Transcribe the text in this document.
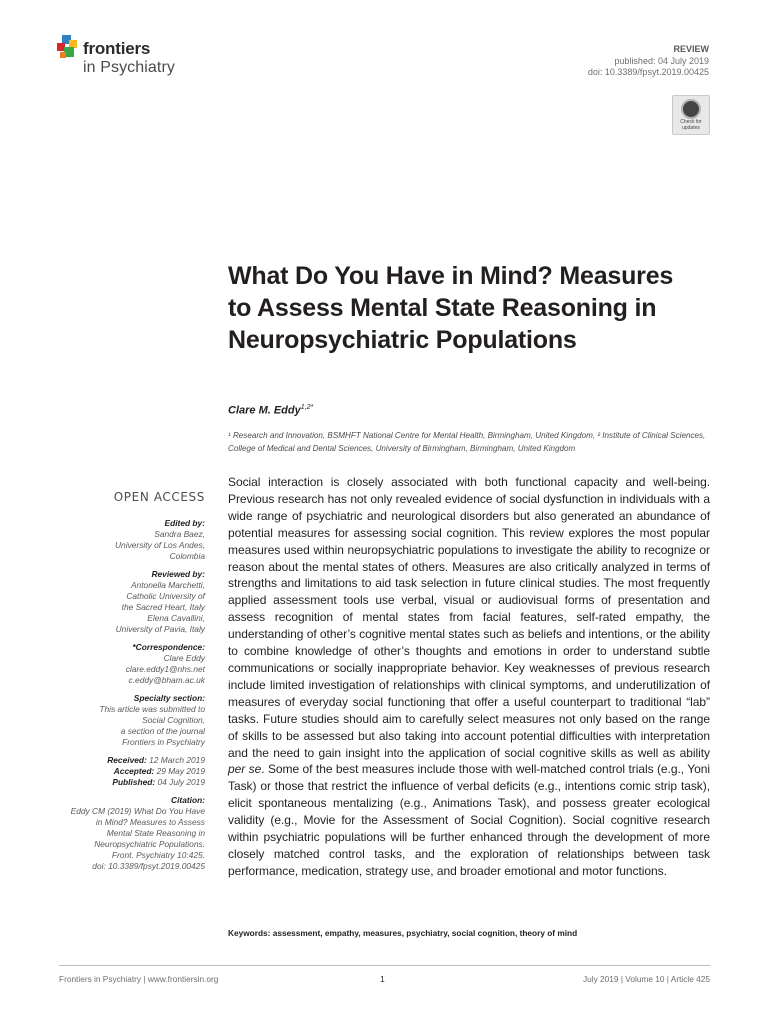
frontiers
in Psychiatry
REVIEW
published: 04 July 2019
doi: 10.3389/fpsyt.2019.00425
Check for
updates
What Do You Have in Mind? Measures to Assess Mental State Reasoning in Neuropsychiatric Populations
Clare M. Eddy$^{1,2*}$
¹ Research and Innovation, BSMHFT National Centre for Mental Health, Birmingham, United Kingdom, ² Institute of Clinical Sciences, College of Medical and Dental Sciences, University of Birmingham, Birmingham, United Kingdom
OPEN ACCESS
Edited by:
Sandra Baez,
University of Los Andes,
Colombia
Reviewed by:
Antonella Marchetti,
Catholic University of
the Sacred Heart, Italy
Elena Cavallini,
University of Pavia, Italy
*Correspondence:
Clare Eddy
clare.eddy1@nhs.net
c.eddy@bham.ac.uk
Specialty section:
This article was submitted to
Social Cognition,
a section of the journal
Frontiers in Psychiatry
Received: 12 March 2019
Accepted: 29 May 2019
Published: 04 July 2019
Citation:
Eddy CM (2019) What Do You Have
in Mind? Measures to Assess
Mental State Reasoning in
Neuropsychiatric Populations.
Front. Psychiatry 10:425.
doi: 10.3389/fpsyt.2019.00425

Social interaction is closely associated with both functional capacity and well-being. Previous research has not only revealed evidence of social dysfunction in individuals with a wide range of psychiatric and neurological disorders but also generated an abundance of potential measures for assessing social cognition. This review explores the most popular measures used within neuropsychiatric populations to investigate the ability to recognize or reason about the mental states of others. Measures are also critically analyzed in terms of strengths and limitations to aid task selection in future clinical studies. The most frequently applied assessment tools use verbal, visual or audiovisual forms of presentation and assess recognition of mental states from facial features, self-rated empathy, the understanding of other’s cognitive mental states such as beliefs and intentions, or the ability to combine knowledge of other’s thoughts and emotions in order to understand subtle communications or socially inappropriate behavior. Key weaknesses of previous research include limited investigation of relationships with clinical symptoms, and underutilization of measures of everyday social functioning that offer a useful counterpart to traditional “lab” tasks. Future studies should aim to carefully select measures not only based on the range of skills to be assessed but also taking into account potential difficulties with interpretation and the need to gain insight into the application of social cognitive skills as well as ability per se. Some of the best measures include those with well-matched control trials (e.g., Yoni Task) or those that restrict the influence of verbal deficits (e.g., intentions comic strip task), elicit spontaneous mentalizing (e.g., Animations Task), and possess greater ecological validity (e.g., Movie for the Assessment of Social Cognition). Social cognitive research within psychiatric populations will be further enhanced through the development of more closely matched control tasks, and the exploration of relationships between task performance, medication, strategy use, and broader emotional and motor functions.

Keywords: assessment, empathy, measures, psychiatry, social cognition, theory of mind
Frontiers in Psychiatry | www.frontiersin.org	1	July 2019 | Volume 10 | Article 425
